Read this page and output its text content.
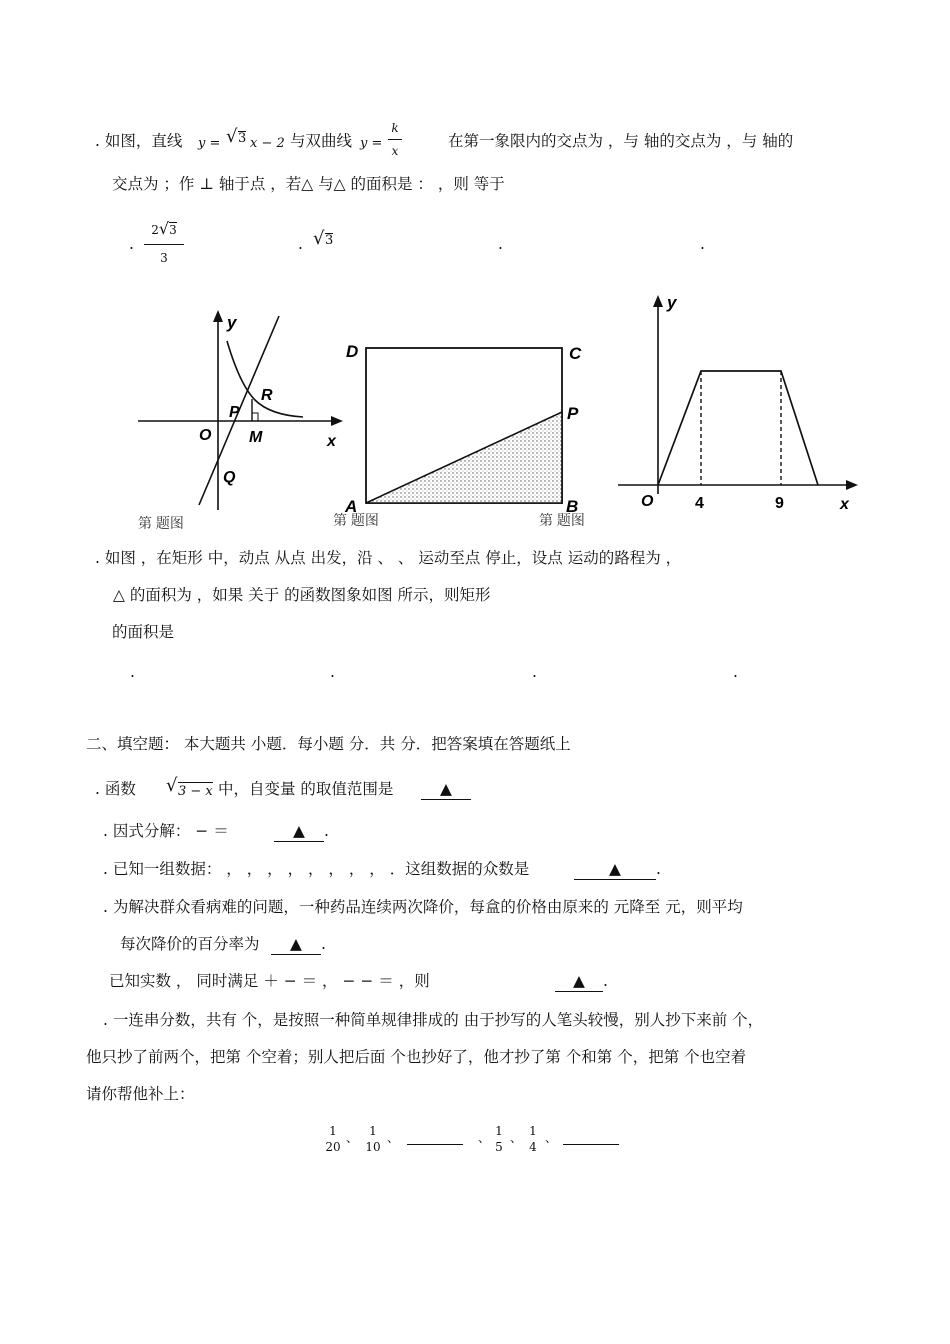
. 如图，直线 y = √ 3 x − 2 与双曲线 $y = \frac{k}{x}$	在第一象限内的交点为 ，与 轴的交点为 ，与 轴的
交点为 ；作 ⊥ 轴于点 ，若△ 与△ 的面积是 ： ，则 等于
. $\frac{2√3}{3}$	. √ 3	.	.
y
x
O
P
Q
R
M
第 题图
D	C
P
A	B
第 题图
y
x
O	4	9
第 题图
. 如图 ，在矩形 中，动点 从点 出发，沿 、 、 运动至点 停止，设点 运动的路程为 ，
△ 的面积为 ，如果 关于 的函数图象如图 所示，则矩形
的面积是
.	.	.	.
二、填空题： 本大题共 小题．每小题 分．共 分．把答案填在答题纸上
. 函数 √ 3 − x 中，自变量 的取值范围是	▲
. 因式分解： − ＝	▲ .
. 已知一组数据： ， ， ， ， ， ， ， ， ．这组数据的众数是	▲ .
. 为解决群众看病难的问题，一种药品连续两次降价，每盒的价格由原来的 元降至 元，则平均
每次降价的百分率为	▲ .
已知实数 ， 同时满足 ＋ − ＝ ， − − ＝ ，则	▲ .
. 一连串分数，共有 个，是按照一种简单规律排成的 由于抄写的人笔头较慢，别人抄下来前 个，
他只抄了前两个，把第 个空着；别人把后面 个也抄好了，他才抄了第 个和第 个，把第 个也空着
请你帮他补上：
1
20
、 1
10
、	、 1
5
、 1
4
、
